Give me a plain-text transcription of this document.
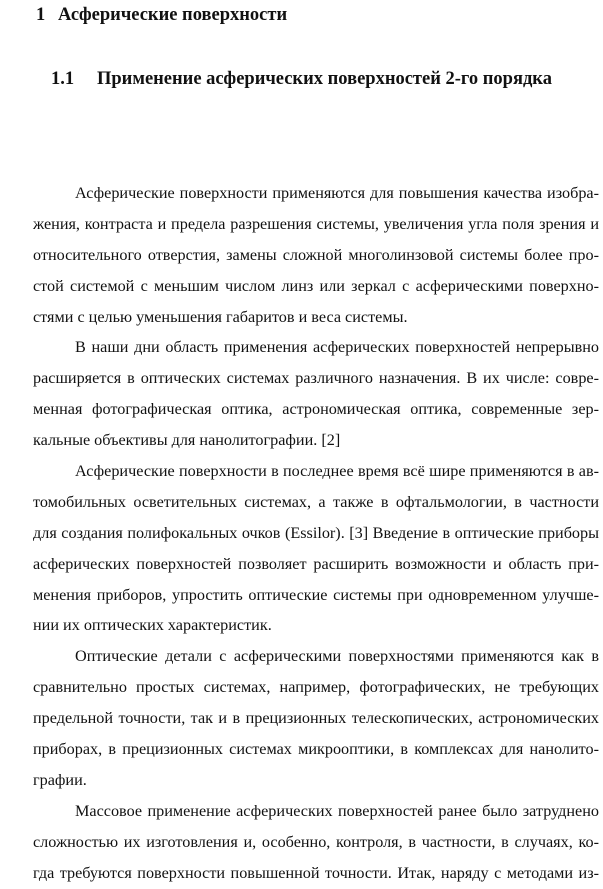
1 Асферические поверхности
1.1 Применение асферических поверхностей 2-го порядка
Асферические поверхности применяются для повышения качества изобра-
жения, контраста и предела разрешения системы, увеличения угла поля зрения и
относительного отверстия, замены сложной многолинзовой системы более про-
стой системой с меньшим числом линз или зеркал с асферическими поверхно-
стями с целью уменьшения габаритов и веса системы.
В наши дни область применения асферических поверхностей непрерывно
расширяется в оптических системах различного назначения. В их числе: совре-
менная фотографическая оптика, астрономическая оптика, современные зер-
кальные объективы для нанолитографии. [2]
Асферические поверхности в последнее время всё шире применяются в ав-
томобильных осветительных системах, а также в офтальмологии, в частности
для создания полифокальных очков (Essilor). [3] Введение в оптические приборы
асферических поверхностей позволяет расширить возможности и область при-
менения приборов, упростить оптические системы при одновременном улучше-
нии их оптических характеристик.
Оптические детали с асферическими поверхностями применяются как в
сравнительно простых системах, например, фотографических, не требующих
предельной точности, так и в прецизионных телескопических, астрономических
приборах, в прецизионных системах микрооптики, в комплексах для нанолито-
графии.
Массовое применение асферических поверхностей ранее было затруднено
сложностью их изготовления и, особенно, контроля, в частности, в случаях, ко-
гда требуются поверхности повышенной точности. Итак, наряду с методами из-
